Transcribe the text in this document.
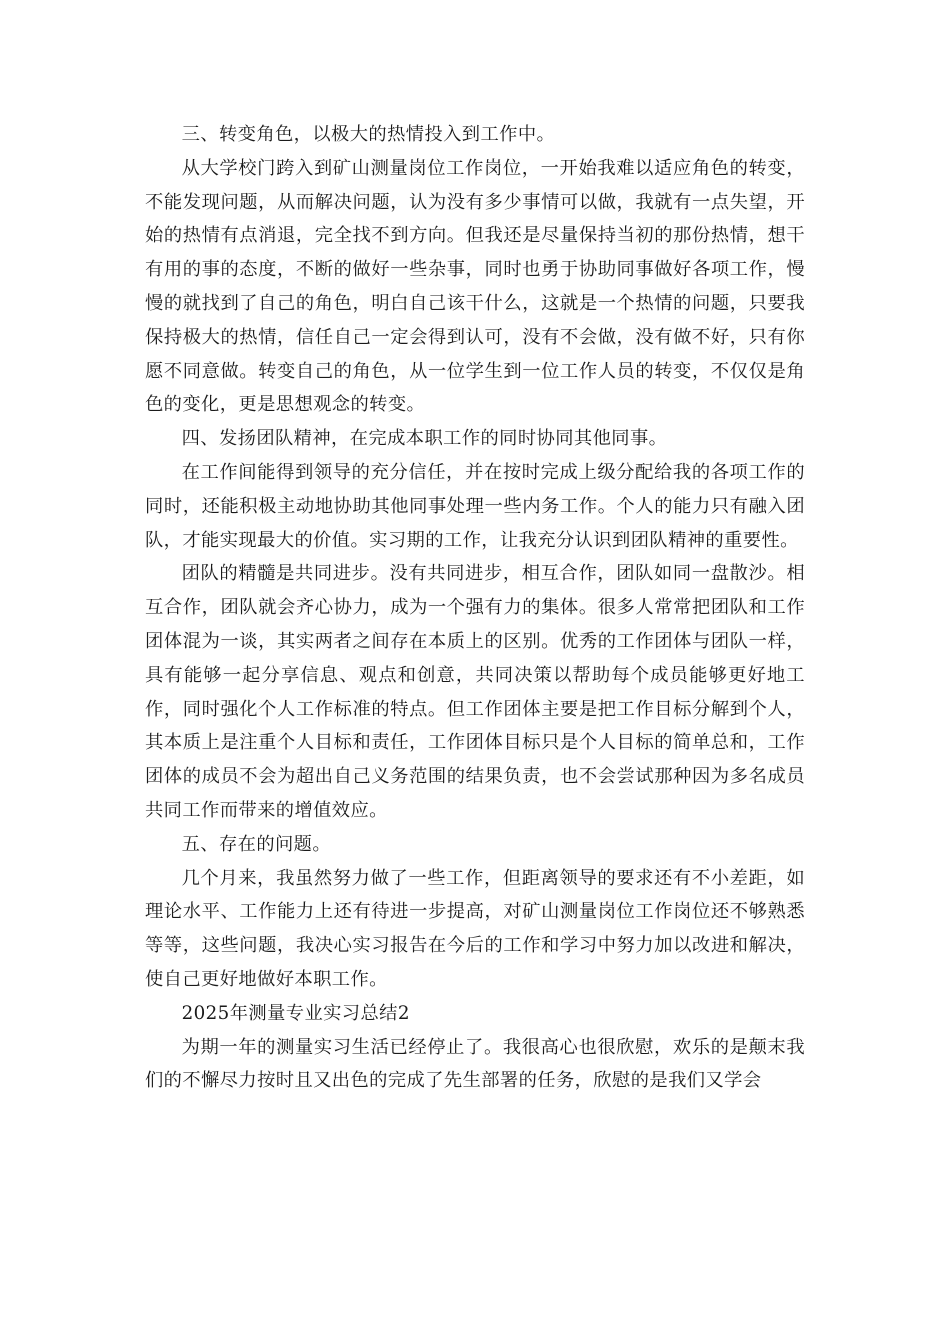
三、转变角色，以极大的热情投入到工作中。

从大学校门跨入到矿山测量岗位工作岗位，一开始我难以适应角色的转变，不能发现问题，从而解决问题，认为没有多少事情可以做，我就有一点失望，开始的热情有点消退，完全找不到方向。但我还是尽量保持当初的那份热情，想干有用的事的态度，不断的做好一些杂事，同时也勇于协助同事做好各项工作，慢慢的就找到了自己的角色，明白自己该干什么，这就是一个热情的问题，只要我保持极大的热情，信任自己一定会得到认可，没有不会做，没有做不好，只有你愿不同意做。转变自己的角色，从一位学生到一位工作人员的转变，不仅仅是角色的变化，更是思想观念的转变。

四、发扬团队精神，在完成本职工作的同时协同其他同事。

在工作间能得到领导的充分信任，并在按时完成上级分配给我的各项工作的同时，还能积极主动地协助其他同事处理一些内务工作。个人的能力只有融入团队，才能实现最大的价值。实习期的工作，让我充分认识到团队精神的重要性。

团队的精髓是共同进步。没有共同进步，相互合作，团队如同一盘散沙。相互合作，团队就会齐心协力，成为一个强有力的集体。很多人常常把团队和工作团体混为一谈，其实两者之间存在本质上的区别。优秀的工作团体与团队一样，具有能够一起分享信息、观点和创意，共同决策以帮助每个成员能够更好地工作，同时强化个人工作标准的特点。但工作团体主要是把工作目标分解到个人，其本质上是注重个人目标和责任，工作团体目标只是个人目标的简单总和，工作团体的成员不会为超出自己义务范围的结果负责，也不会尝试那种因为多名成员共同工作而带来的增值效应。

五、存在的问题。

几个月来，我虽然努力做了一些工作，但距离领导的要求还有不小差距，如理论水平、工作能力上还有待进一步提高，对矿山测量岗位工作岗位还不够熟悉等等，这些问题，我决心实习报告在今后的工作和学习中努力加以改进和解决，使自己更好地做好本职工作。

2025年测量专业实习总结2

为期一年的测量实习生活已经停止了。我很高心也很欣慰，欢乐的是颠末我们的不懈尽力按时且又出色的完成了先生部署的任务，欣慰的是我们又学会
